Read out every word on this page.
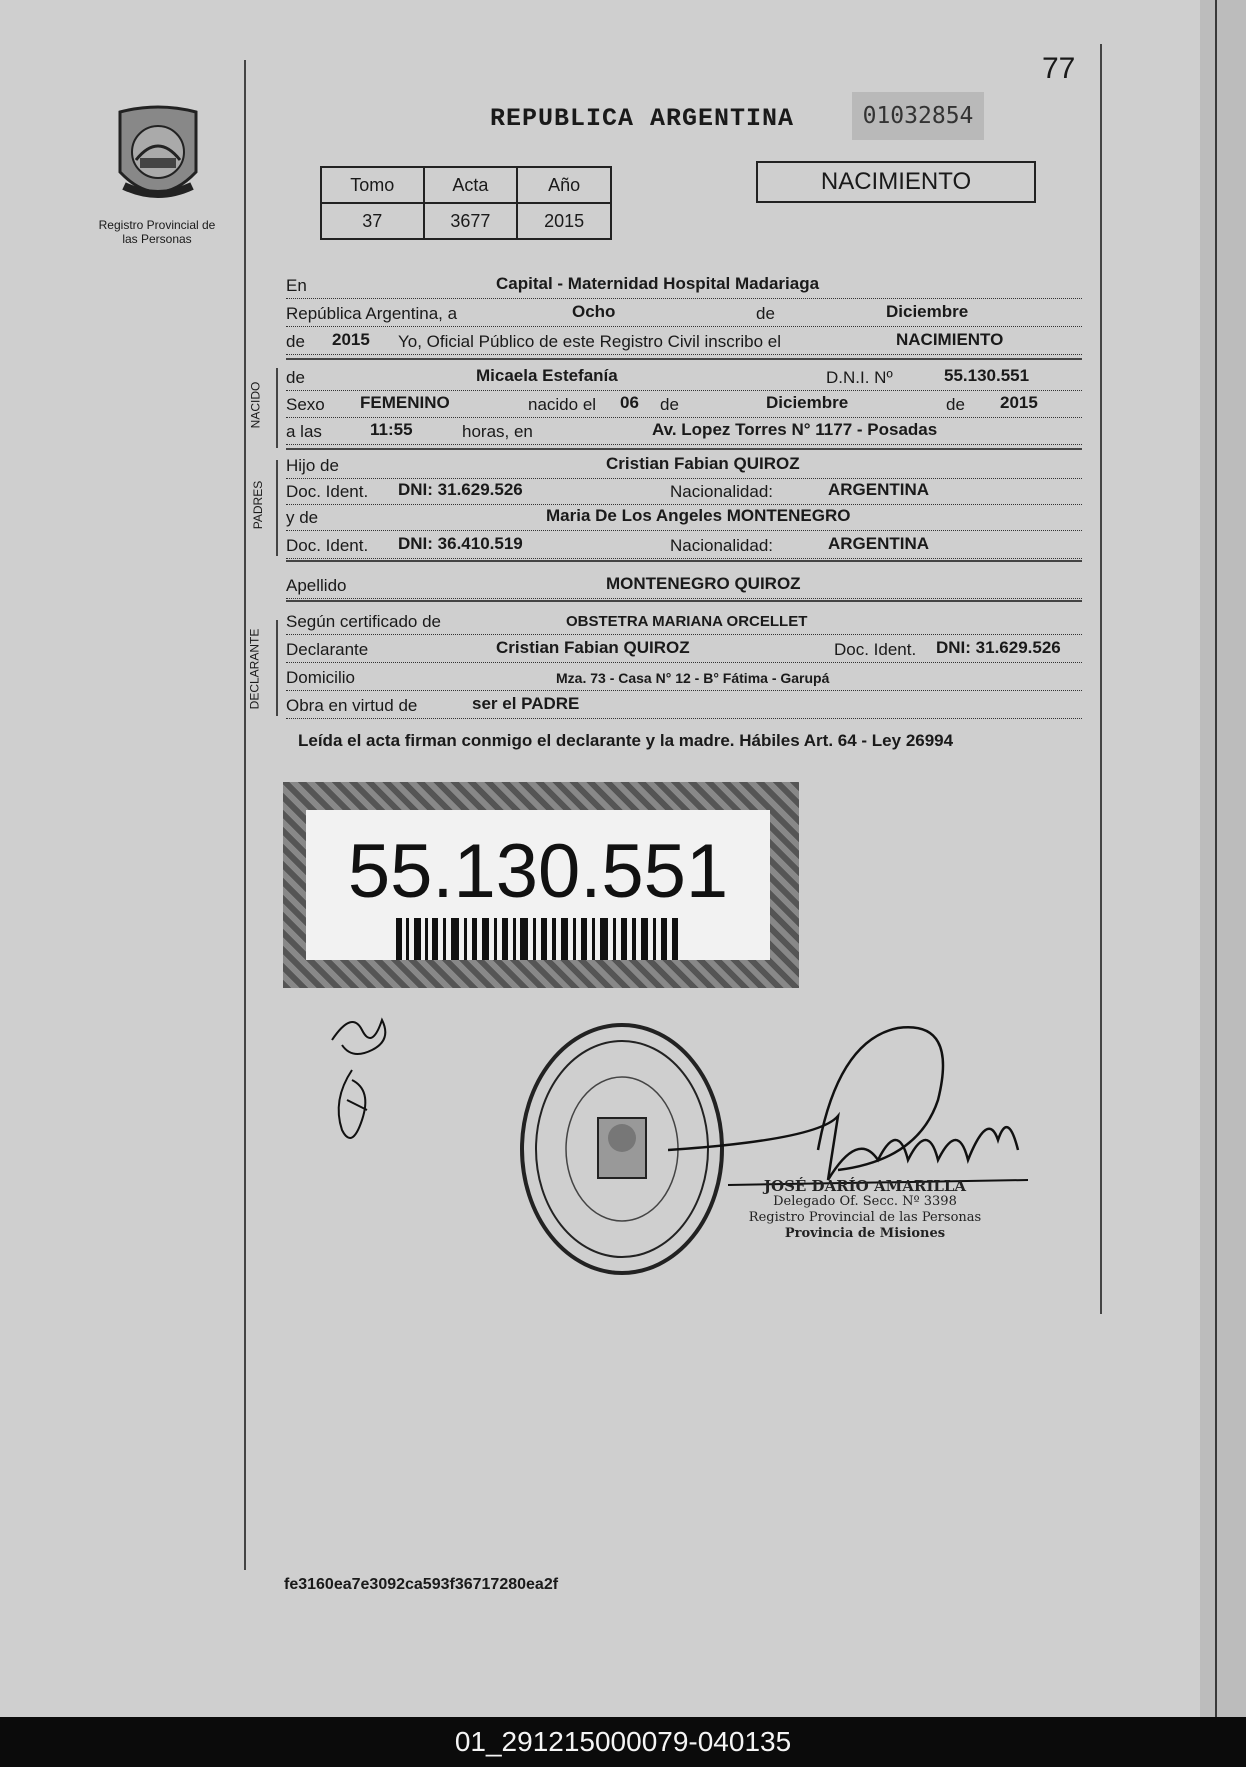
77
Registro Provincial de las Personas
REPUBLICA ARGENTINA	01032854
Tomo	Acta	Año
37	3677	2015
NACIMIENTO
En	Capital - Maternidad Hospital Madariaga
República Argentina, a	Ocho	de	Diciembre
de 2015 Yo, Oficial Público de este Registro Civil inscribo el	NACIMIENTO
NACIDO
de	Micaela Estefanía	D.N.I. Nº	55.130.551
Sexo FEMENINO	nacido el 06 de	Diciembre	de 2015
a las	11:55	horas, en	Av. Lopez Torres N° 1177 - Posadas
PADRES
Hijo de	Cristian Fabian QUIROZ
Doc. Ident. DNI: 31.629.526	Nacionalidad:	ARGENTINA
y de	Maria De Los Angeles MONTENEGRO
Doc. Ident. DNI: 36.410.519	Nacionalidad:	ARGENTINA
Apellido	MONTENEGRO QUIROZ
DECLARANTE
Según certificado de	OBSTETRA MARIANA ORCELLET
Declarante	Cristian Fabian QUIROZ	Doc. Ident. DNI: 31.629.526
Domicilio	Mza. 73 - Casa N° 12 - B° Fátima - Garupá
Obra en virtud de	ser el PADRE
Leída el acta firman conmigo el declarante y la madre. Hábiles Art. 64 - Ley 26994
55.130.551
JOSÉ DARÍO AMARILLA
Delegado Of. Secc. Nº 3398
Registro Provincial de las Personas
Provincia de Misiones
fe3160ea7e3092ca593f36717280ea2f
01_291215000079-040135
